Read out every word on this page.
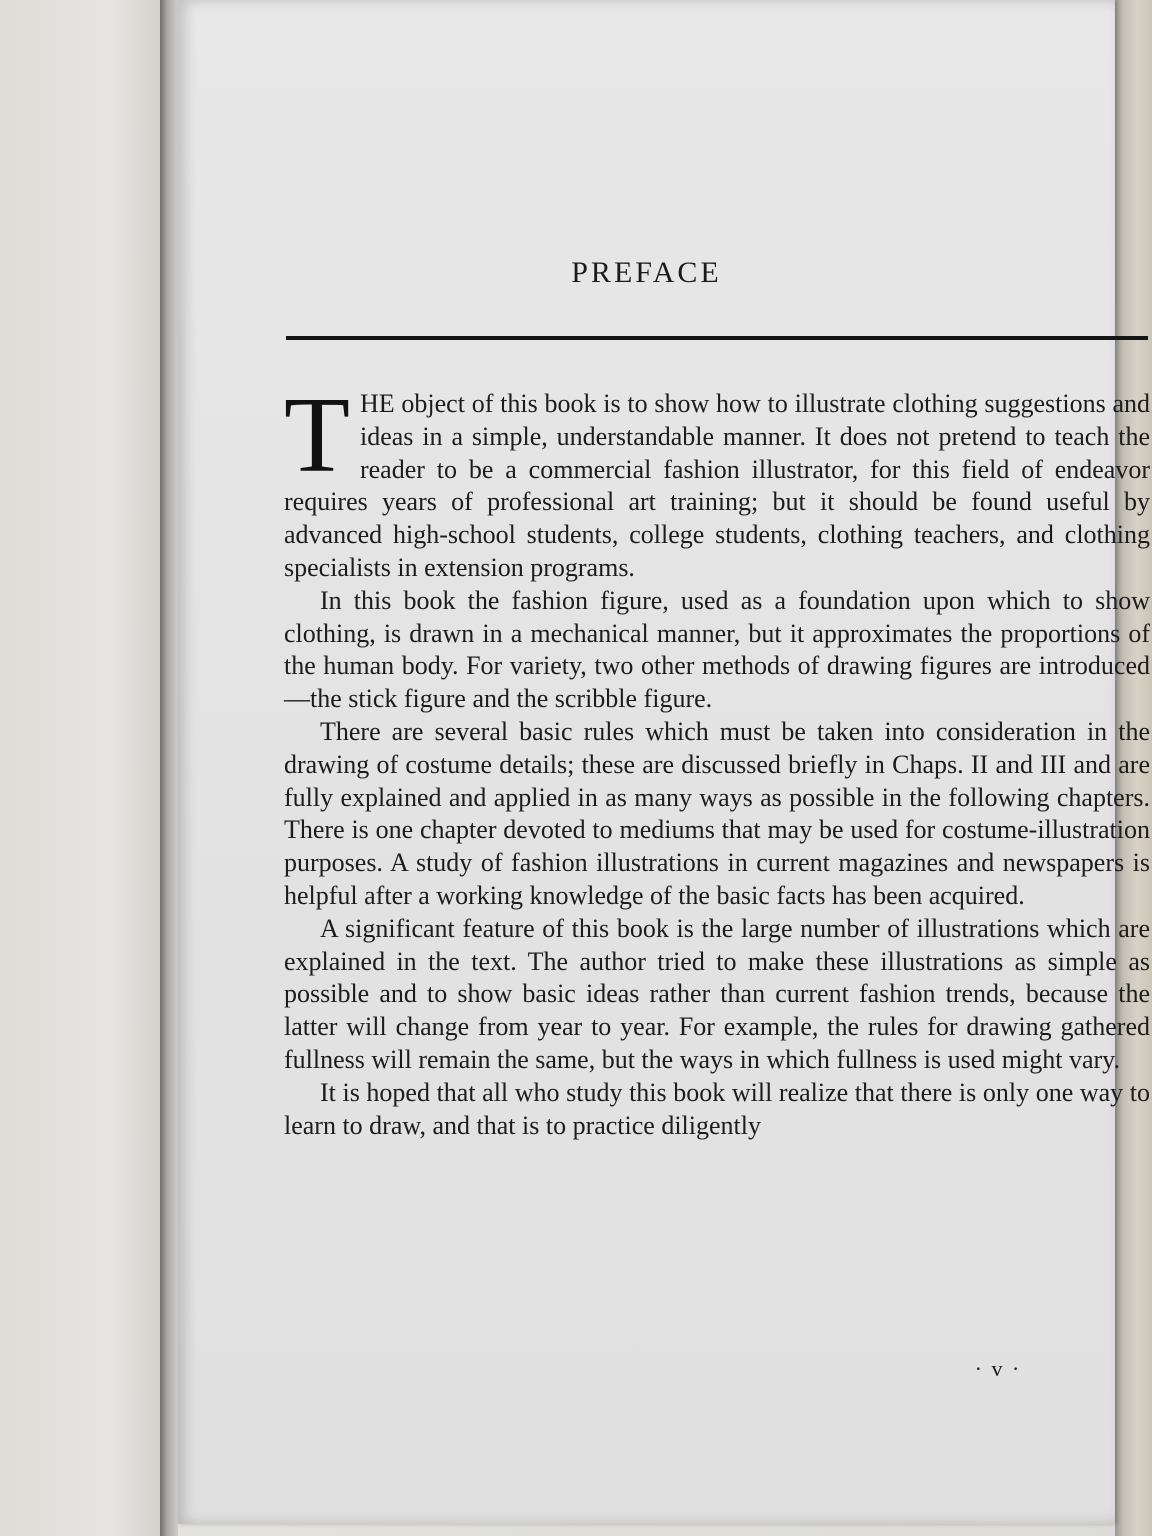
PREFACE

THE object of this book is to show how to illustrate clothing suggestions and ideas in a simple, understandable manner. It does not pretend to teach the reader to be a commercial fashion illustrator, for this field of endeavor requires years of professional art training; but it should be found useful by advanced high-school students, college students, clothing teachers, and clothing specialists in extension programs.

In this book the fashion figure, used as a foundation upon which to show clothing, is drawn in a mechanical manner, but it approximates the proportions of the human body. For variety, two other methods of drawing figures are introduced—the stick figure and the scribble figure.

There are several basic rules which must be taken into consideration in the drawing of costume details; these are discussed briefly in Chaps. II and III and are fully explained and applied in as many ways as possible in the following chapters. There is one chapter devoted to mediums that may be used for costume-illustration purposes. A study of fashion illustrations in current magazines and newspapers is helpful after a working knowledge of the basic facts has been acquired.

A significant feature of this book is the large number of illustrations which are explained in the text. The author tried to make these illustrations as simple as possible and to show basic ideas rather than current fashion trends, because the latter will change from year to year. For example, the rules for drawing gathered fullness will remain the same, but the ways in which fullness is used might vary.

It is hoped that all who study this book will realize that there is only one way to learn to draw, and that is to practice diligently

· v ·
